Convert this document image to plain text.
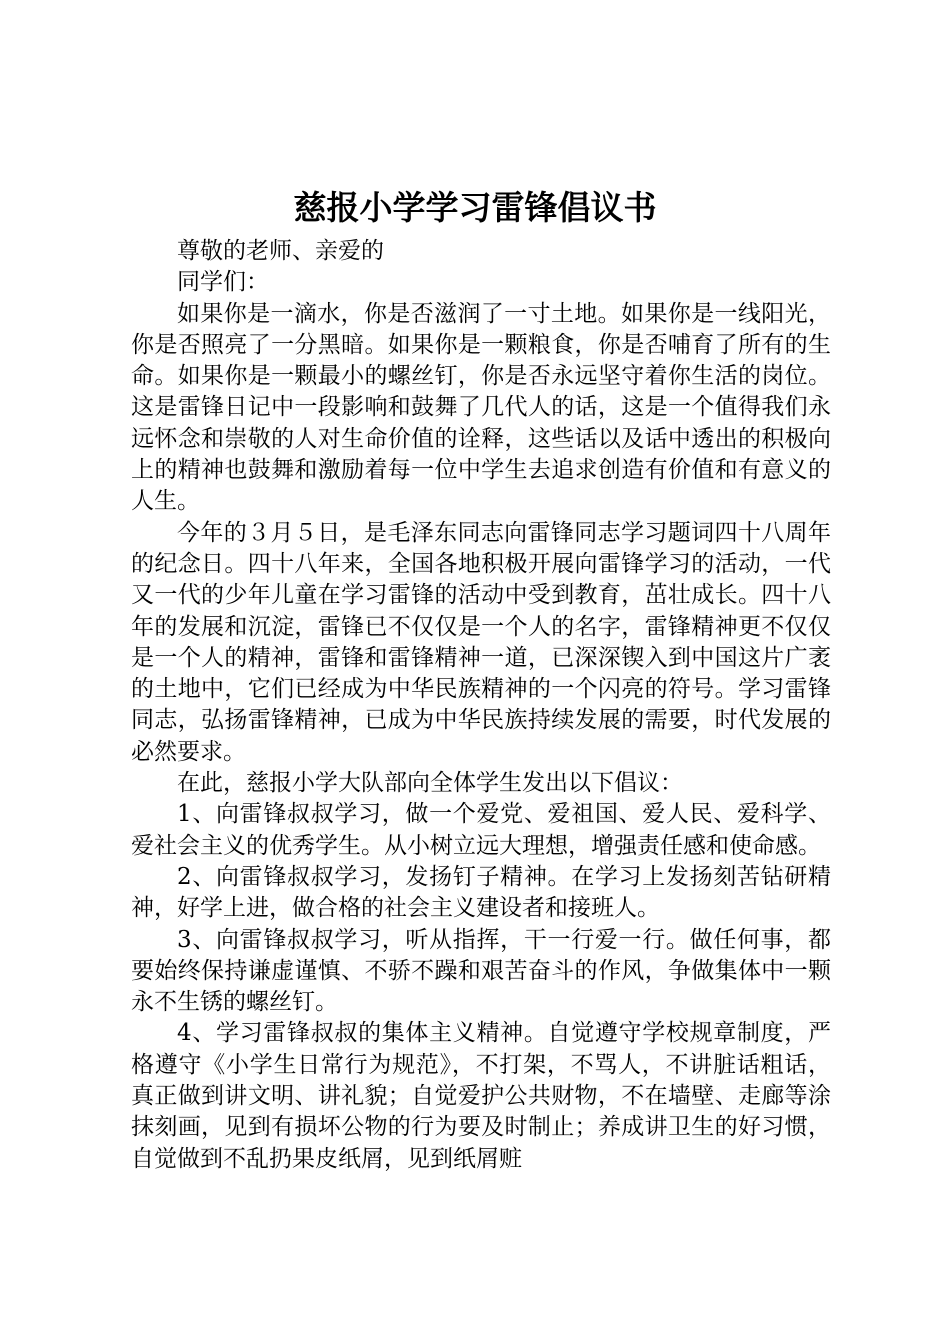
慈报小学学习雷锋倡议书

尊敬的老师、亲爱的

同学们：

如果你是一滴水，你是否滋润了一寸土地。如果你是一线阳光，你是否照亮了一分黑暗。如果你是一颗粮食，你是否哺育了所有的生命。如果你是一颗最小的螺丝钉，你是否永远坚守着你生活的岗位。这是雷锋日记中一段影响和鼓舞了几代人的话，这是一个值得我们永远怀念和崇敬的人对生命价值的诠释，这些话以及话中透出的积极向上的精神也鼓舞和激励着每一位中学生去追求创造有价值和有意义的人生。

今年的３月５日，是毛泽东同志向雷锋同志学习题词四十八周年的纪念日。四十八年来，全国各地积极开展向雷锋学习的活动，一代又一代的少年儿童在学习雷锋的活动中受到教育，茁壮成长。四十八年的发展和沉淀，雷锋已不仅仅是一个人的名字，雷锋精神更不仅仅是一个人的精神，雷锋和雷锋精神一道，已深深锲入到中国这片广袤的土地中，它们已经成为中华民族精神的一个闪亮的符号。学习雷锋同志，弘扬雷锋精神，已成为中华民族持续发展的需要，时代发展的必然要求。

在此，慈报小学大队部向全体学生发出以下倡议：

1、向雷锋叔叔学习，做一个爱党、爱祖国、爱人民、爱科学、爱社会主义的优秀学生。从小树立远大理想，增强责任感和使命感。

2、向雷锋叔叔学习，发扬钉子精神。在学习上发扬刻苦钻研精神，好学上进，做合格的社会主义建设者和接班人。

3、向雷锋叔叔学习，听从指挥，干一行爱一行。做任何事，都要始终保持谦虚谨慎、不骄不躁和艰苦奋斗的作风，争做集体中一颗永不生锈的螺丝钉。

4、学习雷锋叔叔的集体主义精神。自觉遵守学校规章制度，严格遵守《小学生日常行为规范》，不打架，不骂人，不讲脏话粗话，真正做到讲文明、讲礼貌；自觉爱护公共财物，不在墙壁、走廊等涂抹刻画，见到有损坏公物的行为要及时制止；养成讲卫生的好习惯，自觉做到不乱扔果皮纸屑，见到纸屑赃
